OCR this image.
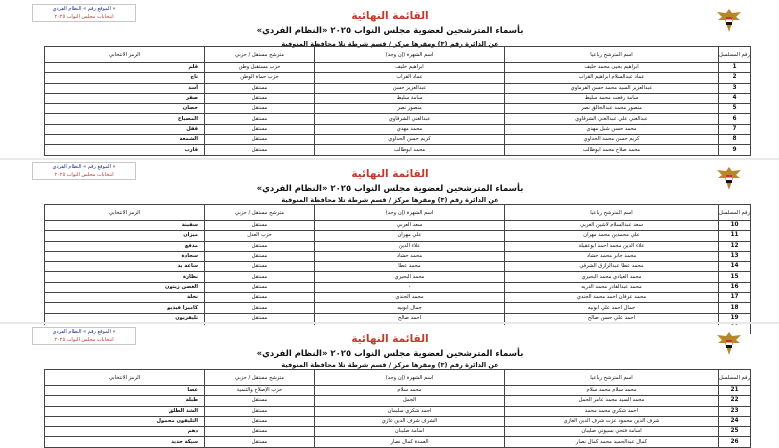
« الموقع رقم » النظام الفردي
انتخابات مجلس النواب ٢٠٢٥	القائمة النهائية
بأسماء المترشحين لعضوية مجلس النواب ٢٠٢٥ «النظام الفردي»
عن الدائرة رقم (٣) ومقرها مركز / قسم شرطة تلا محافظة المنوفية
رقم المسلسل	اسم المترشح رباعيا	اسم الشهرة (إن وجد)	مترشح مستقل / حزبي	الرمز الانتخابي
1	ابراهيم يحيى محمد خليف	ابراهيم خليف	حزب مستقبل وطن	قلم
2	عماد عبدالسلام ابراهيم القراب	عماد القراب	حزب حماة الوطن	تاج
3	عبدالعزيز السيد محمد حسن الفرماوي	عبدالعزيز حسن	مستقل	أسد
4	سامة رفعت محمد سليط	سامة سليط	مستقل	صقر
5	منصور محمد عبدالخالق نصر	منصور نصر	مستقل	حصان
6	عبدالغني علي عبدالغني الشرقاوي	عبدالغني الشرقاوي	مستقل	المصباح
7	محمد حسن شبل مهدي	محمد مهدي	مستقل	قفل
8	كريم حسن محمد الحداوي	كريم حسن الحداوي	مستقل	الشمعة
9	محمد صلاح محمد ابوطالب	محمد ابوطالب	مستقل	قارب
« الموقع رقم » النظام الفردي
انتخابات مجلس النواب ٢٠٢٥	القائمة النهائية
بأسماء المترشحين لعضوية مجلس النواب ٢٠٢٥ «النظام الفردي»
عن الدائرة رقم (٣) ومقرها مركز / قسم شرطة تلا محافظة المنوفية
رقم المسلسل	اسم المترشح رباعيا	اسم الشهرة (إن وجد)	مترشح مستقل / حزبي	الرمز الانتخابي
10	سعد عبدالسلام لاشين العربي	سعد العربي	مستقل	سفينة
11	علي محمدين محمد مهران	علي مهران	حزب العدل	ميزان
12	علاء الدين محمد احمد ابوعقيلة	علاء الدين	مستقل	مدفع
13	محمد جابر محمد حشاد	محمد حشاد	مستقل	سجادة
14	محمد عطا عبدالرازق الشرقي	محمد عطا	مستقل	ساعة يد
15	محمد العيادي محمد البحيري	محمد البحيري	مستقل	نظارة
16	محمد عبدالقادر محمد الدريه	-	مستقل	الغصن زيتون
17	محمد عرفان احمد محمد الجندي	محمد الجندي	مستقل	نخلة
18	جمال احمد علي ابوبيه	جمال ابوبيه	مستقل	كاميرا فيديو
19	احمد علي حسن صالح	احمد صالح	مستقل	تليفزيون

« الموقع رقم » النظام الفردي
انتخابات مجلس النواب ٢٠٢٥	القائمة النهائية
بأسماء المترشحين لعضوية مجلس النواب ٢٠٢٥ «النظام الفردي»
عن الدائرة رقم (٣) ومقرها مركز / قسم شرطة تلا محافظة المنوفية
رقم المسلسل	اسم المترشح رباعيا	اسم الشهرة (إن وجد)	مترشح مستقل / حزبي	الرمز الانتخابي
21	محمد سلام محمد سلام	محمد سلام	حزب الإصلاح والتنمية	عصا
22	محمد السيد محمد عامر الجمل	الجمل	مستقل	طبلة
23	احمد شكري محمد محمد	احمد شكري سليمان	مستقل	الشد الطلق
24	شرف الدين محمود عزت شرف الدين الغازي	الشرف شرف الدين غازي	مستقل	التليفون محمول
25	اسامة فتحي بسيوني صليبان	اسامة صليبان	مستقل	دهم
26	كمال عبدالحميد محمد كمال نصار	العمدة كمال نصار	مستقل	سيكة حديد
